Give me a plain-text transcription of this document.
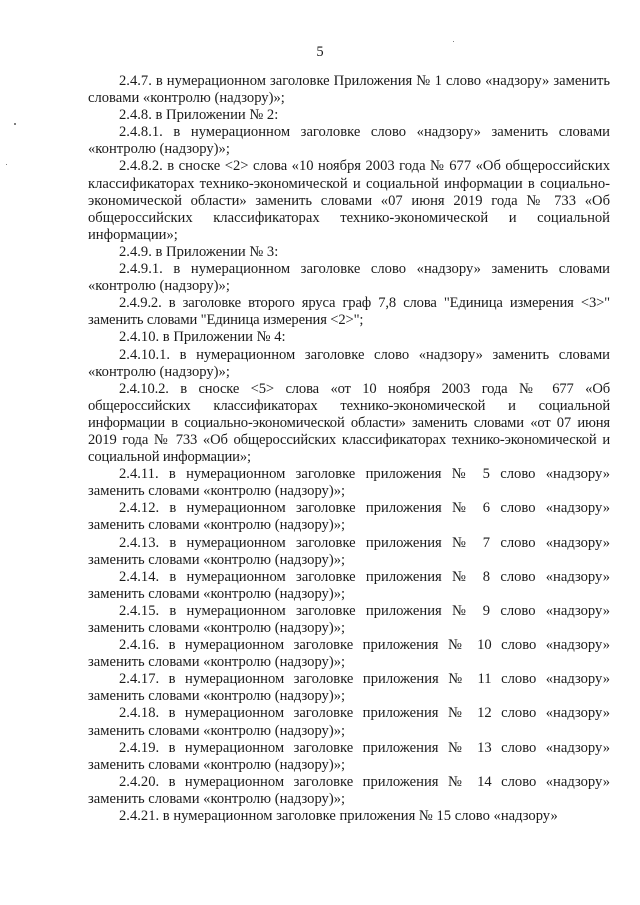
5

2.4.7. в нумерационном заголовке Приложения № 1 слово «надзору» заменить словами «контролю (надзору)»;

2.4.8. в Приложении № 2:

2.4.8.1. в нумерационном заголовке слово «надзору» заменить словами «контролю (надзору)»;

2.4.8.2. в сноске <2> слова «10 ноября 2003 года № 677 «Об общероссийских классификаторах технико-экономической и социальной информации в социально-экономической области» заменить словами «07 июня 2019 года № 733 «Об общероссийских классификаторах технико-экономической и социальной информации»;

2.4.9. в Приложении № 3:

2.4.9.1. в нумерационном заголовке слово «надзору» заменить словами «контролю (надзору)»;

2.4.9.2. в заголовке второго яруса граф 7,8 слова "Единица измерения <3>" заменить словами "Единица измерения <2>";

2.4.10. в Приложении № 4:

2.4.10.1. в нумерационном заголовке слово «надзору» заменить словами «контролю (надзору)»;

2.4.10.2. в сноске <5> слова «от 10 ноября 2003 года № 677 «Об общероссийских классификаторах технико-экономической и социальной информации в социально-экономической области» заменить словами «от 07 июня 2019 года № 733 «Об общероссийских классификаторах технико-экономической и социальной информации»;

2.4.11. в нумерационном заголовке приложения № 5 слово «надзору» заменить словами «контролю (надзору)»;

2.4.12. в нумерационном заголовке приложения № 6 слово «надзору» заменить словами «контролю (надзору)»;

2.4.13. в нумерационном заголовке приложения № 7 слово «надзору» заменить словами «контролю (надзору)»;

2.4.14. в нумерационном заголовке приложения № 8 слово «надзору» заменить словами «контролю (надзору)»;

2.4.15. в нумерационном заголовке приложения № 9 слово «надзору» заменить словами «контролю (надзору)»;

2.4.16. в нумерационном заголовке приложения № 10 слово «надзору» заменить словами «контролю (надзору)»;

2.4.17. в нумерационном заголовке приложения № 11 слово «надзору» заменить словами «контролю (надзору)»;

2.4.18. в нумерационном заголовке приложения № 12 слово «надзору» заменить словами «контролю (надзору)»;

2.4.19. в нумерационном заголовке приложения № 13 слово «надзору» заменить словами «контролю (надзору)»;

2.4.20. в нумерационном заголовке приложения № 14 слово «надзору» заменить словами «контролю (надзору)»;

2.4.21. в нумерационном заголовке приложения № 15 слово «надзору»
